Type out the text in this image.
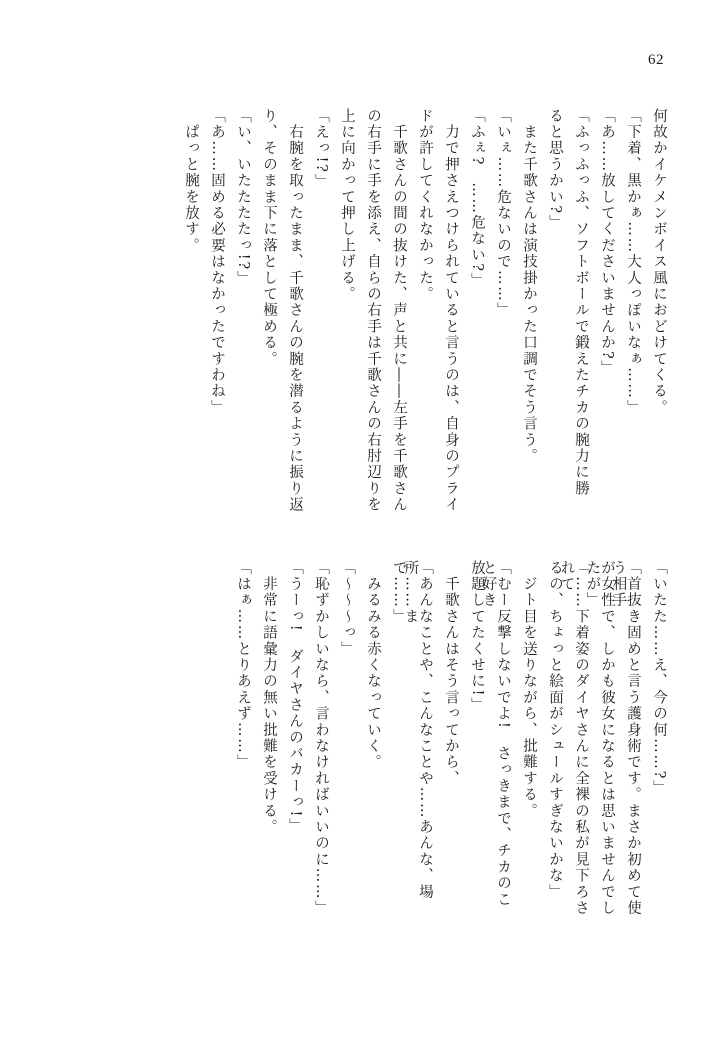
62
何故かイケメンボイス風におどけてくる。
「下着、黒かぁ……大人っぽいなぁ……」
「あ……放してくださいませんか?」
「ふっふっふ、ソフトボールで鍛えたチカの腕力に勝
ると思うかい?」
　また千歌さんは演技掛かった口調でそう言う。
「いぇ……危ないので……」
「ふぇ?　……危ない?」
　力で押さえつけられていると言うのは、自身のプライ
ドが許してくれなかった。
　千歌さんの間の抜けた、声と共に――左手を千歌さん
の右手に手を添え、自らの右手は千歌さんの右肘辺りを
上に向かって押し上げる。
「えっ!?」
　右腕を取ったまま、千歌さんの腕を潜るように振り返
り、そのまま下に落として極める。
「い、いたたたたっ!?」
「あ……固める必要はなかったですわね」
　ぱっと腕を放す。
「いたた……え、今の何……?」
「首抜き固めと言う護身術です。まさか初めて使う相手
が女性で、しかも彼女になるとは思いませんでしたが」
「……下着姿のダイヤさんに全裸の私が見下ろされて
るの、ちょっと絵面がシュールすぎないかな」
　ジト目を送りながら、批難する。
「むー反撃しないでよ!　さっきまで、チカのこと好き
放題してたくせに!」
　千歌さんはそう言ってから、
「あんなことや、こんなことや……あんな、場所……ま
で……」
　みるみる赤くなっていく。
「～～～っ」
「恥ずかしいなら、言わなければいいのに……」
「うーっ!　ダイヤさんのバカーっ!」
　非常に語彙力の無い批難を受ける。
「はぁ……とりあえず……」
